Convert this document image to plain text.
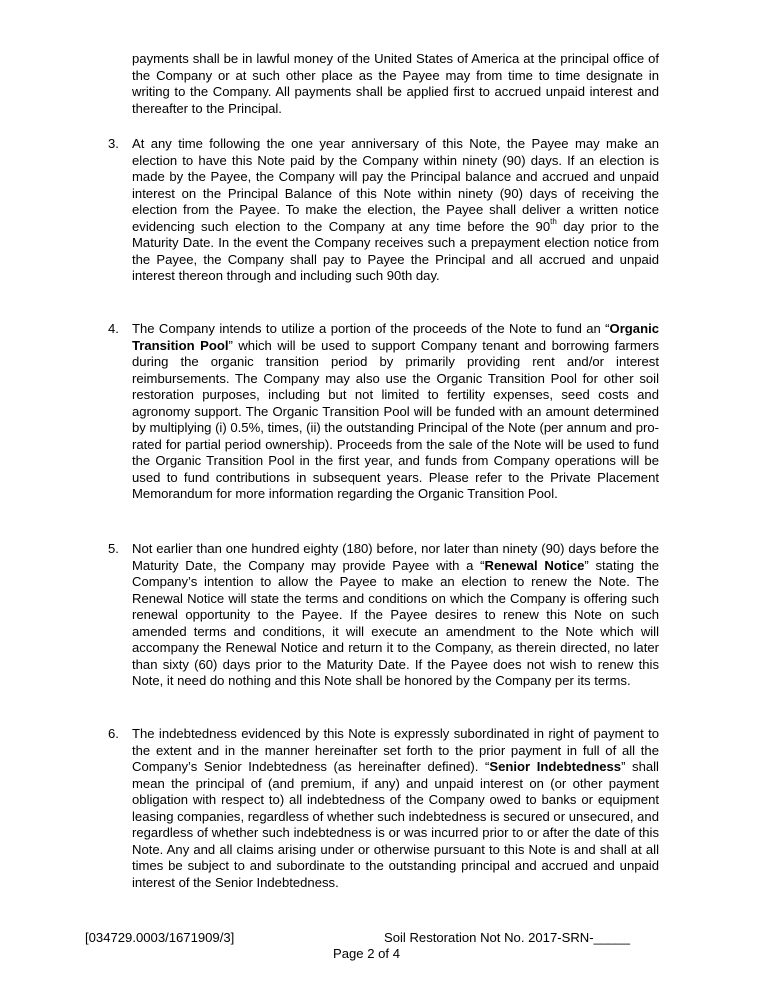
payments shall be in lawful money of the United States of America at the principal office of the Company or at such other place as the Payee may from time to time designate in writing to the Company. All payments shall be applied first to accrued unpaid interest and thereafter to the Principal.

3. At any time following the one year anniversary of this Note, the Payee may make an election to have this Note paid by the Company within ninety (90) days. If an election is made by the Payee, the Company will pay the Principal balance and accrued and unpaid interest on the Principal Balance of this Note within ninety (90) days of receiving the election from the Payee. To make the election, the Payee shall deliver a written notice evidencing such election to the Company at any time before the 90th day prior to the Maturity Date. In the event the Company receives such a prepayment election notice from the Payee, the Company shall pay to Payee the Principal and all accrued and unpaid interest thereon through and including such 90th day.

4. The Company intends to utilize a portion of the proceeds of the Note to fund an “Organic Transition Pool” which will be used to support Company tenant and borrowing farmers during the organic transition period by primarily providing rent and/or interest reimbursements. The Company may also use the Organic Transition Pool for other soil restoration purposes, including but not limited to fertility expenses, seed costs and agronomy support. The Organic Transition Pool will be funded with an amount determined by multiplying (i) 0.5%, times, (ii) the outstanding Principal of the Note (per annum and pro-rated for partial period ownership). Proceeds from the sale of the Note will be used to fund the Organic Transition Pool in the first year, and funds from Company operations will be used to fund contributions in subsequent years. Please refer to the Private Placement Memorandum for more information regarding the Organic Transition Pool.

5. Not earlier than one hundred eighty (180) before, nor later than ninety (90) days before the Maturity Date, the Company may provide Payee with a “Renewal Notice” stating the Company’s intention to allow the Payee to make an election to renew the Note. The Renewal Notice will state the terms and conditions on which the Company is offering such renewal opportunity to the Payee. If the Payee desires to renew this Note on such amended terms and conditions, it will execute an amendment to the Note which will accompany the Renewal Notice and return it to the Company, as therein directed, no later than sixty (60) days prior to the Maturity Date. If the Payee does not wish to renew this Note, it need do nothing and this Note shall be honored by the Company per its terms.

6. The indebtedness evidenced by this Note is expressly subordinated in right of payment to the extent and in the manner hereinafter set forth to the prior payment in full of all the Company’s Senior Indebtedness (as hereinafter defined). “Senior Indebtedness” shall mean the principal of (and premium, if any) and unpaid interest on (or other payment obligation with respect to) all indebtedness of the Company owed to banks or equipment leasing companies, regardless of whether such indebtedness is secured or unsecured, and regardless of whether such indebtedness is or was incurred prior to or after the date of this Note. Any and all claims arising under or otherwise pursuant to this Note is and shall at all times be subject to and subordinate to the outstanding principal and accrued and unpaid interest of the Senior Indebtedness.

[034729.0003/1671909/3]	Soil Restoration Not No. 2017-SRN-_____
Page 2 of 4
